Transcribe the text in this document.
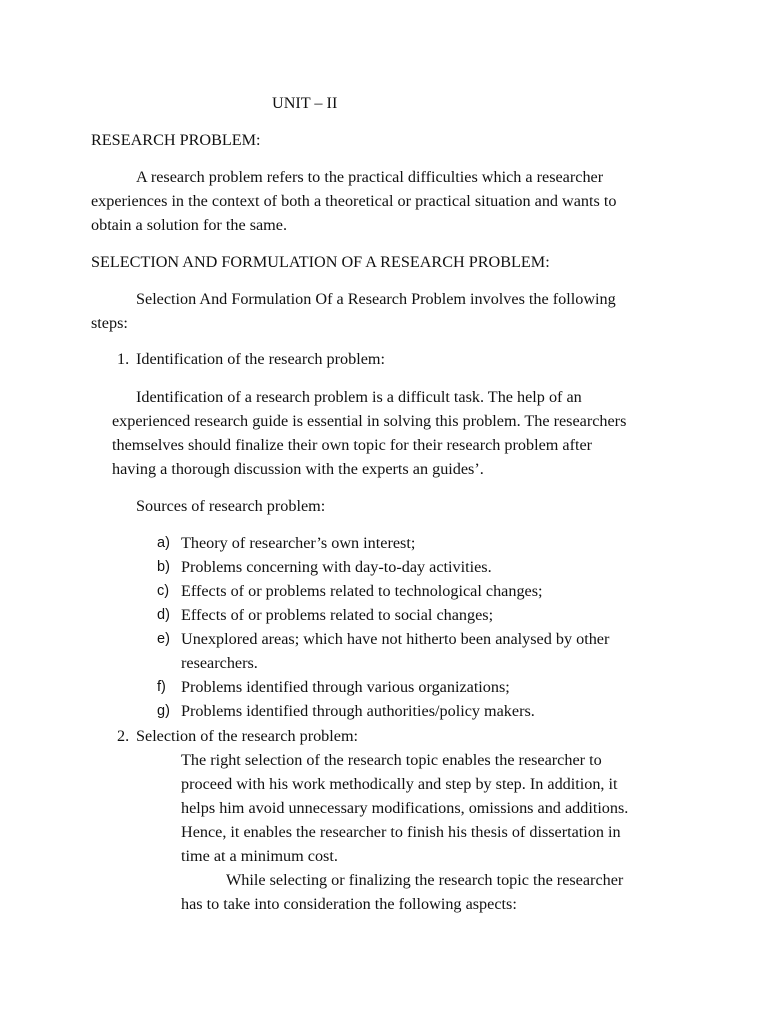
UNIT – II
RESEARCH PROBLEM:
A research problem refers to the practical difficulties which a researcher
experiences in the context of both a theoretical or practical situation and wants to
obtain a solution for the same.
SELECTION AND FORMULATION OF A RESEARCH PROBLEM:
Selection And Formulation Of a Research Problem involves the following
steps:
1. Identification of the research problem:
Identification of a research problem is a difficult task. The help of an
experienced research guide is essential in solving this problem. The researchers
themselves should finalize their own topic for their research problem after
having a thorough discussion with the experts an guides’.
Sources of research problem:
a) Theory of researcher’s own interest;
b) Problems concerning with day-to-day activities.
c) Effects of or problems related to technological changes;
d) Effects of or problems related to social changes;
e) Unexplored areas; which have not hitherto been analysed by other
researchers.
f) Problems identified through various organizations;
g) Problems identified through authorities/policy makers.
2. Selection of the research problem:
The right selection of the research topic enables the researcher to
proceed with his work methodically and step by step. In addition, it
helps him avoid unnecessary modifications, omissions and additions.
Hence, it enables the researcher to finish his thesis of dissertation in
time at a minimum cost.
While selecting or finalizing the research topic the researcher
has to take into consideration the following aspects:
